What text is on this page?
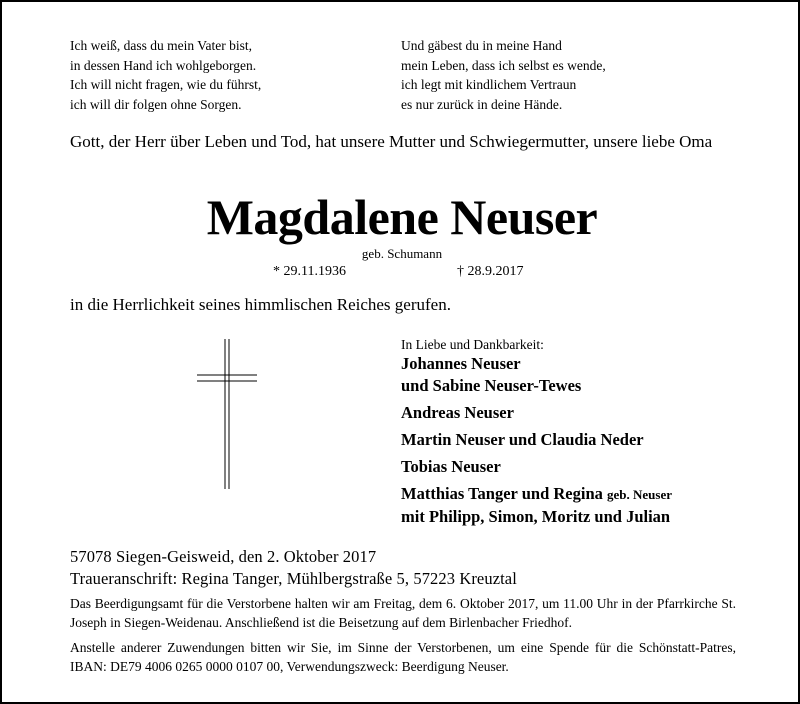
Ich weiß, dass du mein Vater bist,
in dessen Hand ich wohlgeborgen.
Ich will nicht fragen, wie du führst,
ich will dir folgen ohne Sorgen.
Und gäbest du in meine Hand
mein Leben, dass ich selbst es wende,
ich legt mit kindlichem Vertraun
es nur zurück in deine Hände.
Gott, der Herr über Leben und Tod, hat unsere Mutter und Schwiegermutter, unsere liebe Oma
Magdalene Neuser
geb. Schumann
* 29.11.1936	† 28.9.2017
in die Herrlichkeit seines himmlischen Reiches gerufen.
In Liebe und Dankbarkeit:
Johannes Neuser
und Sabine Neuser-Tewes
Andreas Neuser
Martin Neuser und Claudia Neder
Tobias Neuser
Matthias Tanger und Regina geb. Neuser
mit Philipp, Simon, Moritz und Julian
57078 Siegen-Geisweid, den 2. Oktober 2017
Traueranschrift: Regina Tanger, Mühlbergstraße 5, 57223 Kreuztal
Das Beerdigungsamt für die Verstorbene halten wir am Freitag, dem 6. Oktober 2017, um 11.00 Uhr in der Pfarrkirche St. Joseph in Siegen-Weidenau. Anschließend ist die Beisetzung auf dem Birlenbacher Friedhof.
Anstelle anderer Zuwendungen bitten wir Sie, im Sinne der Verstorbenen, um eine Spende für die Schönstatt-Patres, IBAN: DE79 4006 0265 0000 0107 00, Verwendungszweck: Beerdigung Neuser.
